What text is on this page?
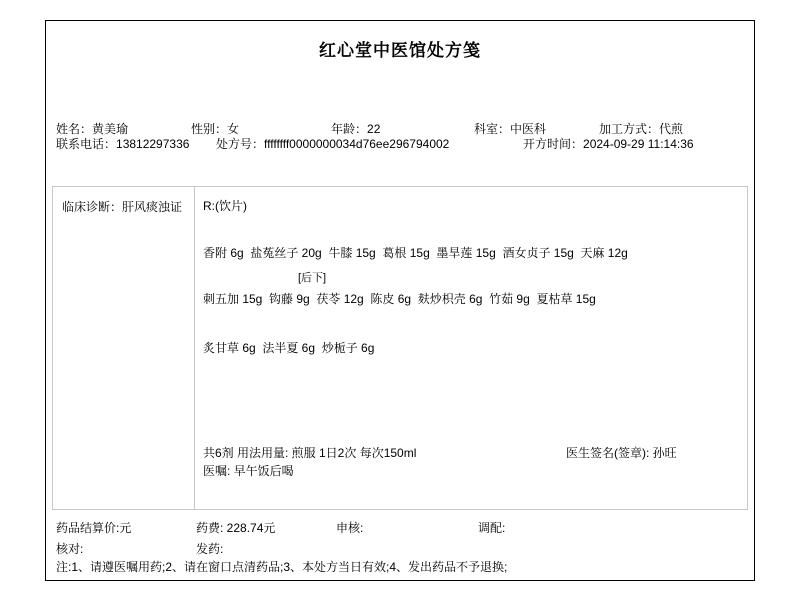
红心堂中医馆处方笺
姓名：黄美瑜	性别：女	年龄：22	科室：中医科	加工方式：代煎
联系电话：13812297336 处方号：ffffffff0000000034d76ee296794002	开方时间：2024-09-29 11:14:36
临床诊断：肝风痰浊证	R:(饮片)
香附 6g  盐菟丝子 20g  牛膝 15g  葛根 15g  墨旱莲 15g  酒女贞子 15g  天麻 12g
[后下]
刺五加 15g  钩藤 9g  茯苓 12g  陈皮 6g  麸炒枳壳 6g  竹茹 9g  夏枯草 15g
炙甘草 6g  法半夏 6g  炒栀子 6g
共6剂 用法用量: 煎服 1日2次 每次150ml	医生签名(签章): 孙旺
医嘱: 早午饭后喝
药品结算价:元	药费: 228.74元	申核:	调配:
核对:	发药:
注:1、请遵医嘱用药;2、请在窗口点清药品;3、本处方当日有效;4、发出药品不予退换;
